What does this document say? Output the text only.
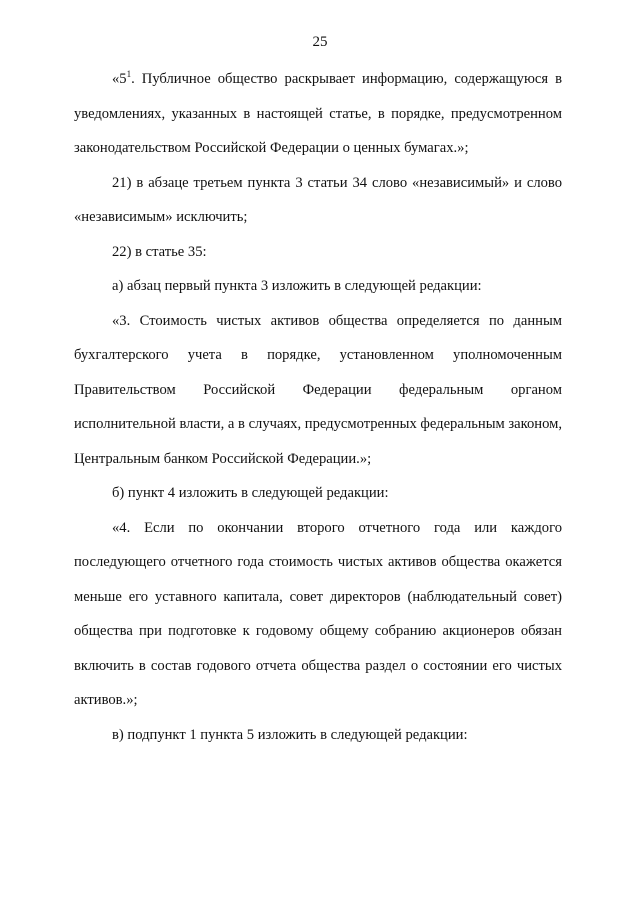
25

«$5^1$. Публичное общество раскрывает информацию, содержащуюся в уведомлениях, указанных в настоящей статье, в порядке, предусмотренном законодательством Российской Федерации о ценных бумагах.»;

21) в абзаце третьем пункта 3 статьи 34 слово «независимый» и слово «независимым» исключить;

22) в статье 35:

а) абзац первый пункта 3 изложить в следующей редакции:

«3. Стоимость чистых активов общества определяется по данным бухгалтерского учета в порядке, установленном уполномоченным Правительством Российской Федерации федеральным органом исполнительной власти, а в случаях, предусмотренных федеральным законом, Центральным банком Российской Федерации.»;

б) пункт 4 изложить в следующей редакции:

«4. Если по окончании второго отчетного года или каждого последующего отчетного года стоимость чистых активов общества окажется меньше его уставного капитала, совет директоров (наблюдательный совет) общества при подготовке к годовому общему собранию акционеров обязан включить в состав годового отчета общества раздел о состоянии его чистых активов.»;

в) подпункт 1 пункта 5 изложить в следующей редакции:
